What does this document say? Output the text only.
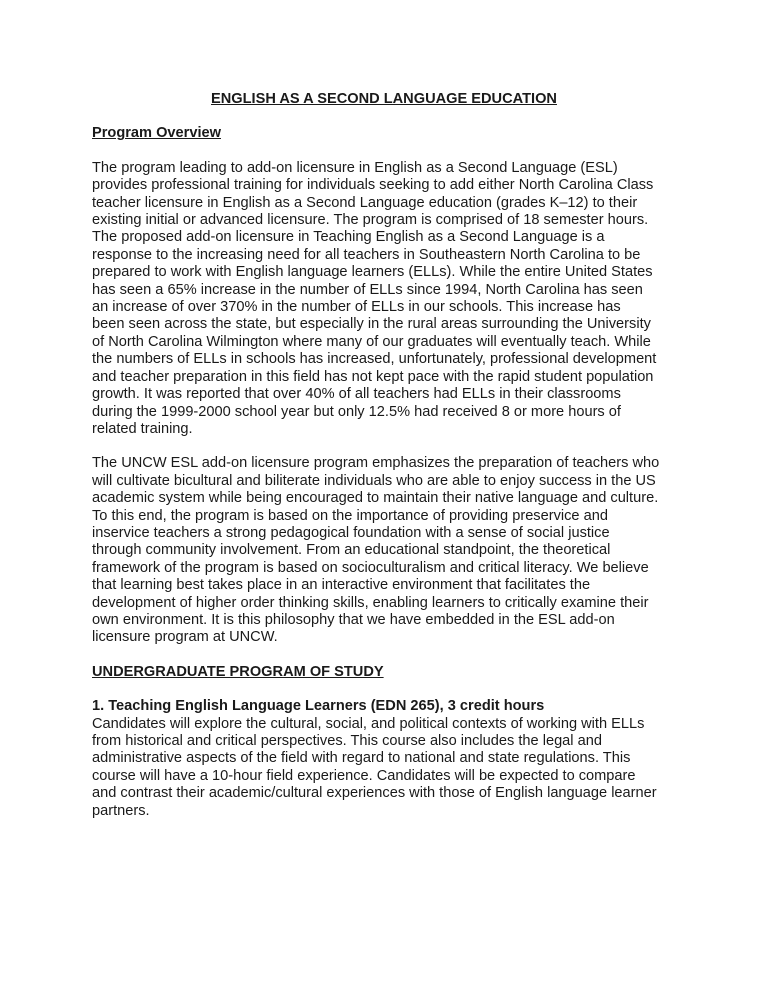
ENGLISH AS A SECOND LANGUAGE EDUCATION
Program Overview
The program leading to add-on licensure in English as a Second Language (ESL)
provides professional training for individuals seeking to add either North Carolina Class
teacher licensure in English as a Second Language education (grades K–12) to their
existing initial or advanced licensure. The program is comprised of 18 semester hours.
The proposed add-on licensure in Teaching English as a Second Language is a
response to the increasing need for all teachers in Southeastern North Carolina to be
prepared to work with English language learners (ELLs). While the entire United States
has seen a 65% increase in the number of ELLs since 1994, North Carolina has seen
an increase of over 370% in the number of ELLs in our schools. This increase has
been seen across the state, but especially in the rural areas surrounding the University
of North Carolina Wilmington where many of our graduates will eventually teach. While
the numbers of ELLs in schools has increased, unfortunately, professional development
and teacher preparation in this field has not kept pace with the rapid student population
growth. It was reported that over 40% of all teachers had ELLs in their classrooms
during the 1999-2000 school year but only 12.5% had received 8 or more hours of
related training.
The UNCW ESL add-on licensure program emphasizes the preparation of teachers who
will cultivate bicultural and biliterate individuals who are able to enjoy success in the US
academic system while being encouraged to maintain their native language and culture.
To this end, the program is based on the importance of providing preservice and
inservice teachers a strong pedagogical foundation with a sense of social justice
through community involvement. From an educational standpoint, the theoretical
framework of the program is based on socioculturalism and critical literacy. We believe
that learning best takes place in an interactive environment that facilitates the
development of higher order thinking skills, enabling learners to critically examine their
own environment. It is this philosophy that we have embedded in the ESL add-on
licensure program at UNCW.
UNDERGRADUATE PROGRAM OF STUDY
1. Teaching English Language Learners (EDN 265), 3 credit hours
Candidates will explore the cultural, social, and political contexts of working with ELLs
from historical and critical perspectives. This course also includes the legal and
administrative aspects of the field with regard to national and state regulations. This
course will have a 10-hour field experience. Candidates will be expected to compare
and contrast their academic/cultural experiences with those of English language learner
partners.
